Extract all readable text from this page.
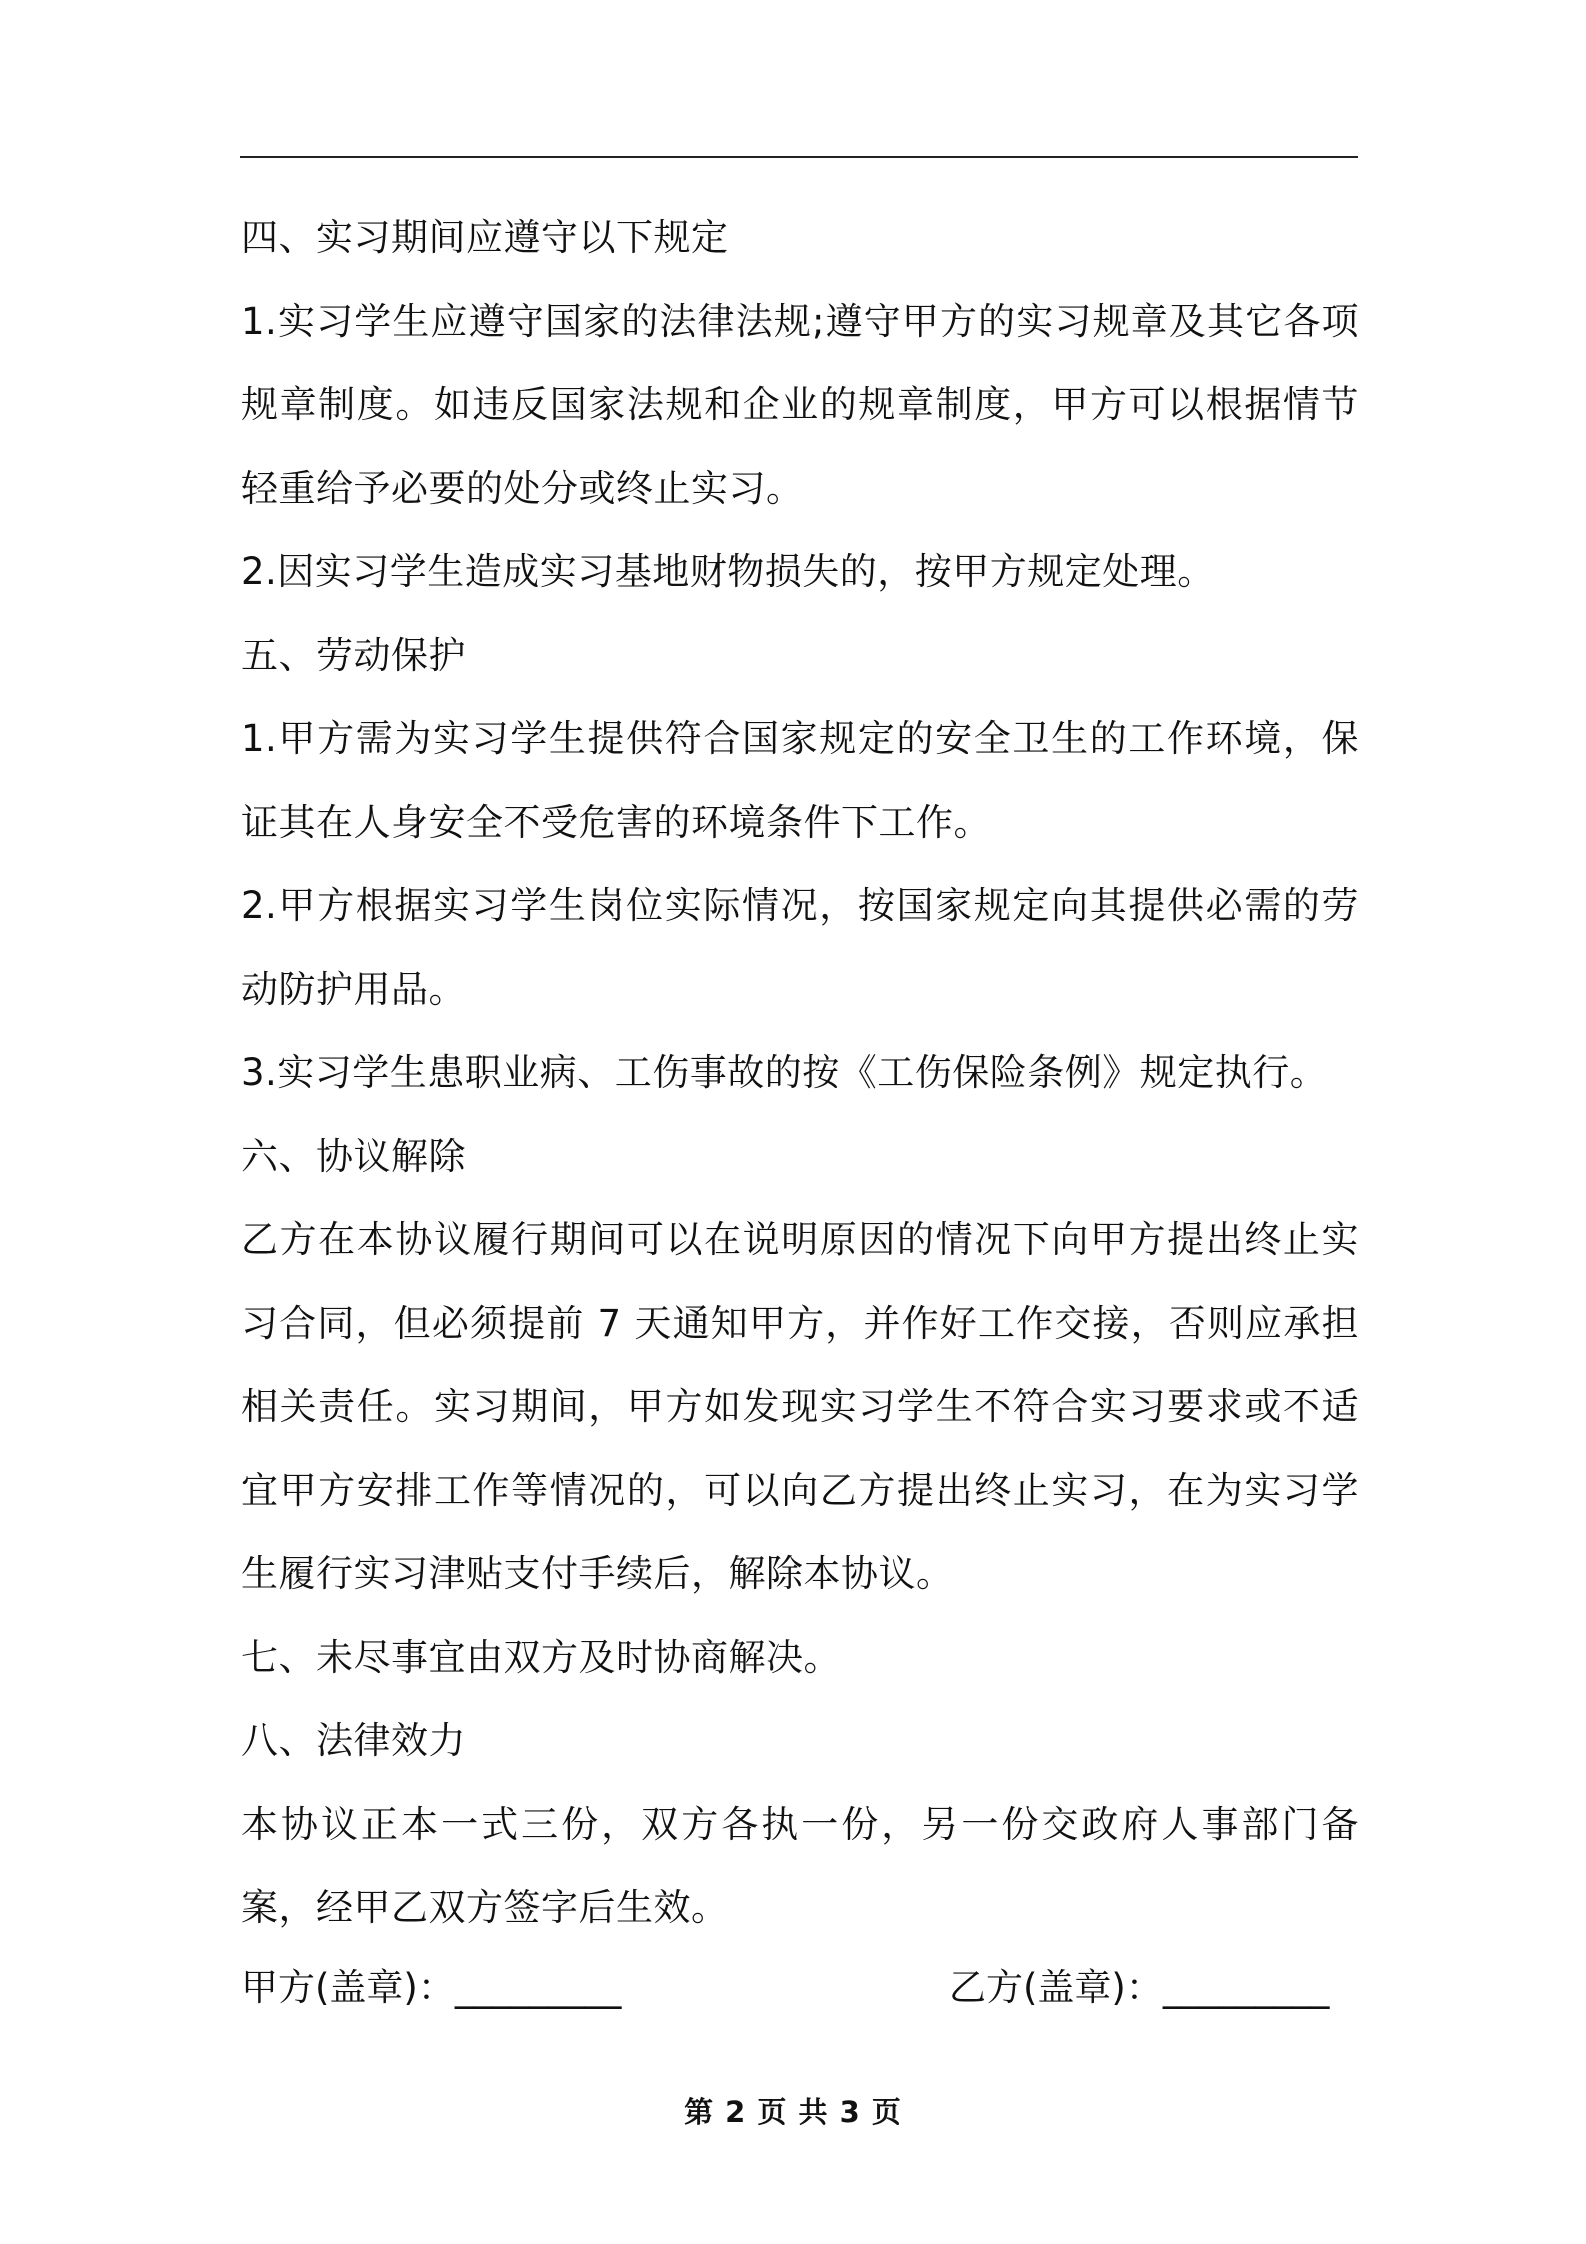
四、实习期间应遵守以下规定

1.实习学生应遵守国家的法律法规;遵守甲方的实习规章及其它各项规章制度。如违反国家法规和企业的规章制度，甲方可以根据情节轻重给予必要的处分或终止实习。

2.因实习学生造成实习基地财物损失的，按甲方规定处理。

五、劳动保护

1.甲方需为实习学生提供符合国家规定的安全卫生的工作环境，保证其在人身安全不受危害的环境条件下工作。

2.甲方根据实习学生岗位实际情况，按国家规定向其提供必需的劳动防护用品。

3.实习学生患职业病、工伤事故的按《工伤保险条例》规定执行。

六、协议解除

乙方在本协议履行期间可以在说明原因的情况下向甲方提出终止实习合同，但必须提前 7 天通知甲方，并作好工作交接，否则应承担相关责任。实习期间，甲方如发现实习学生不符合实习要求或不适宜甲方安排工作等情况的，可以向乙方提出终止实习，在为实习学生履行实习津贴支付手续后，解除本协议。

七、未尽事宜由双方及时协商解决。

八、法律效力

本协议正本一式三份，双方各执一份，另一份交政府人事部门备案，经甲乙双方签字后生效。

甲方(盖章)：_________	乙方(盖章)：_________
第 2 页 共 3 页
